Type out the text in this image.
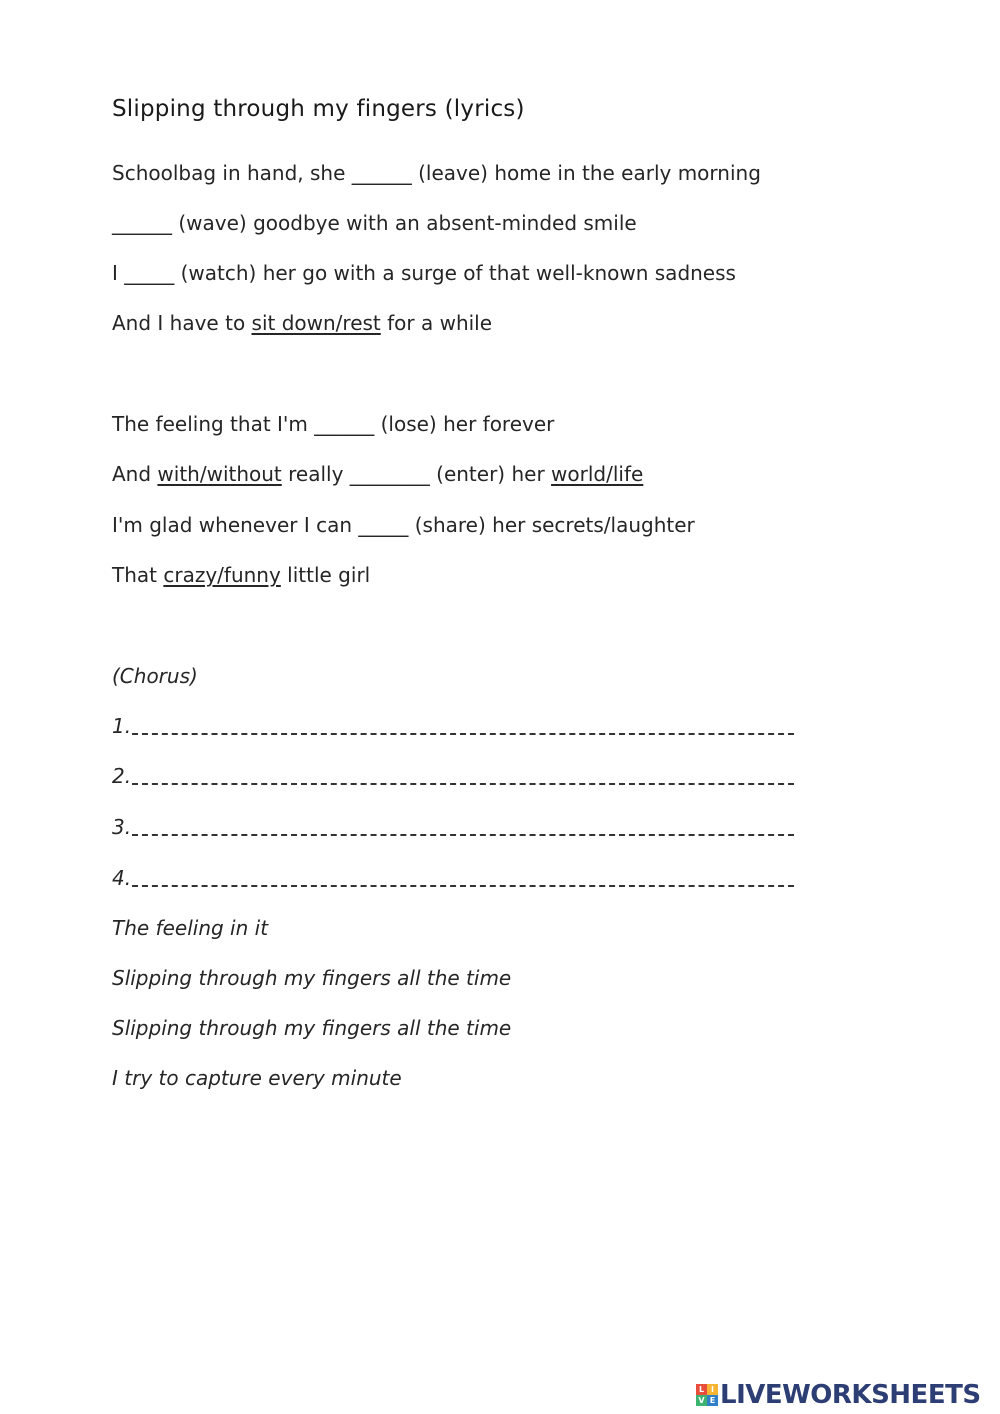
Slipping through my fingers (lyrics)
Schoolbag in hand, she ______ (leave) home in the early morning
______ (wave) goodbye with an absent-minded smile
I _____ (watch) her go with a surge of that well-known sadness
And I have to sit down/rest for a while
The feeling that I'm ______ (lose) her forever
And with/without really ________ (enter) her world/life
I'm glad whenever I can _____ (share) her secrets/laughter
That crazy/funny little girl
(Chorus)
1.
2.
3.
4.
The feeling in it
Slipping through my fingers all the time
Slipping through my fingers all the time
I try to capture every minute
L I
V E LIVEWORKSHEETS
